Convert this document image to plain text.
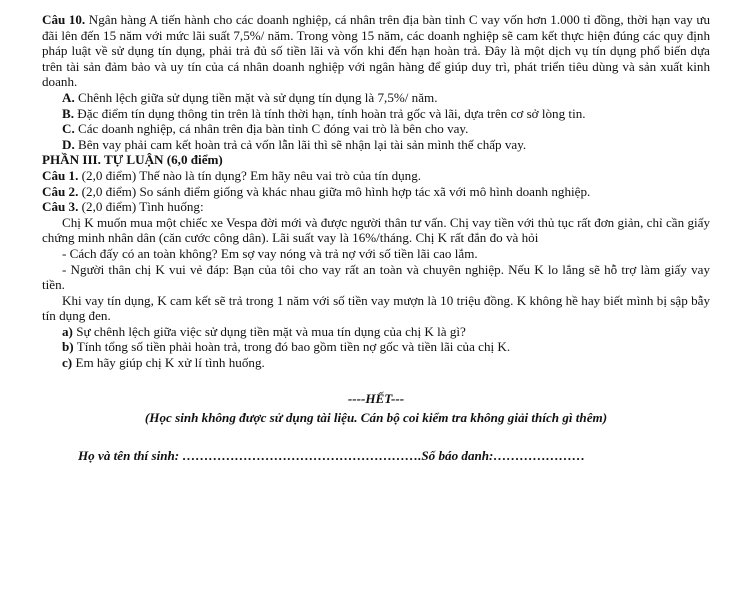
Câu 10. Ngân hàng A tiến hành cho các doanh nghiệp, cá nhân trên địa bàn tỉnh C vay vốn hơn 1.000 tỉ đồng, thời hạn vay ưu đãi lên đến 15 năm với mức lãi suất 7,5%/ năm. Trong vòng 15 năm, các doanh nghiệp sẽ cam kết thực hiện đúng các quy định pháp luật về sử dụng tín dụng, phải trả đủ số tiền lãi và vốn khi đến hạn hoàn trả. Đây là một dịch vụ tín dụng phổ biến dựa trên tài sản đảm bảo và uy tín của cá nhân doanh nghiệp với ngân hàng để giúp duy trì, phát triển tiêu dùng và sản xuất kinh doanh.

A. Chênh lệch giữa sử dụng tiền mặt và sử dụng tín dụng là 7,5%/ năm.

B. Đặc điểm tín dụng thông tin trên là tính thời hạn, tính hoàn trả gốc và lãi, dựa trên cơ sở lòng tin.

C. Các doanh nghiệp, cá nhân trên địa bàn tỉnh C đóng vai trò là bên cho vay.

D. Bên vay phải cam kết hoàn trả cả vốn lẫn lãi thì sẽ nhận lại tài sản mình thế chấp vay.

PHẦN III. TỰ LUẬN (6,0 điểm)

Câu 1. (2,0 điểm) Thế nào là tín dụng? Em hãy nêu vai trò của tín dụng.

Câu 2. (2,0 điểm) So sánh điểm giống và khác nhau giữa mô hình hợp tác xã với mô hình doanh nghiệp.

Câu 3. (2,0 điểm) Tình huống:

Chị K muốn mua một chiếc xe Vespa đời mới và được người thân tư vấn. Chị vay tiền với thủ tục rất đơn giản, chỉ cần giấy chứng minh nhân dân (căn cước công dân). Lãi suất vay là 16%/tháng. Chị K rất đắn đo và hỏi

- Cách đấy có an toàn không? Em sợ vay nóng và trả nợ với số tiền lãi cao lắm.

- Người thân chị K vui vẻ đáp: Bạn của tôi cho vay rất an toàn và chuyên nghiệp. Nếu K lo lắng sẽ hỗ trợ làm giấy vay tiền.

Khi vay tín dụng, K cam kết sẽ trả trong 1 năm với số tiền vay mượn là 10 triệu đồng. K không hề hay biết mình bị sập bẫy tín dụng đen.

a) Sự chênh lệch giữa việc sử dụng tiền mặt và mua tín dụng của chị K là gì?

b) Tính tổng số tiền phải hoàn trả, trong đó bao gồm tiền nợ gốc và tiền lãi của chị K.

c) Em hãy giúp chị K xử lí tình huống.

----HẾT---

(Học sinh không được sử dụng tài liệu. Cán bộ coi kiểm tra không giải thích gì thêm)

Họ và tên thí sinh: ……………………………………………….Số báo danh:…………………
